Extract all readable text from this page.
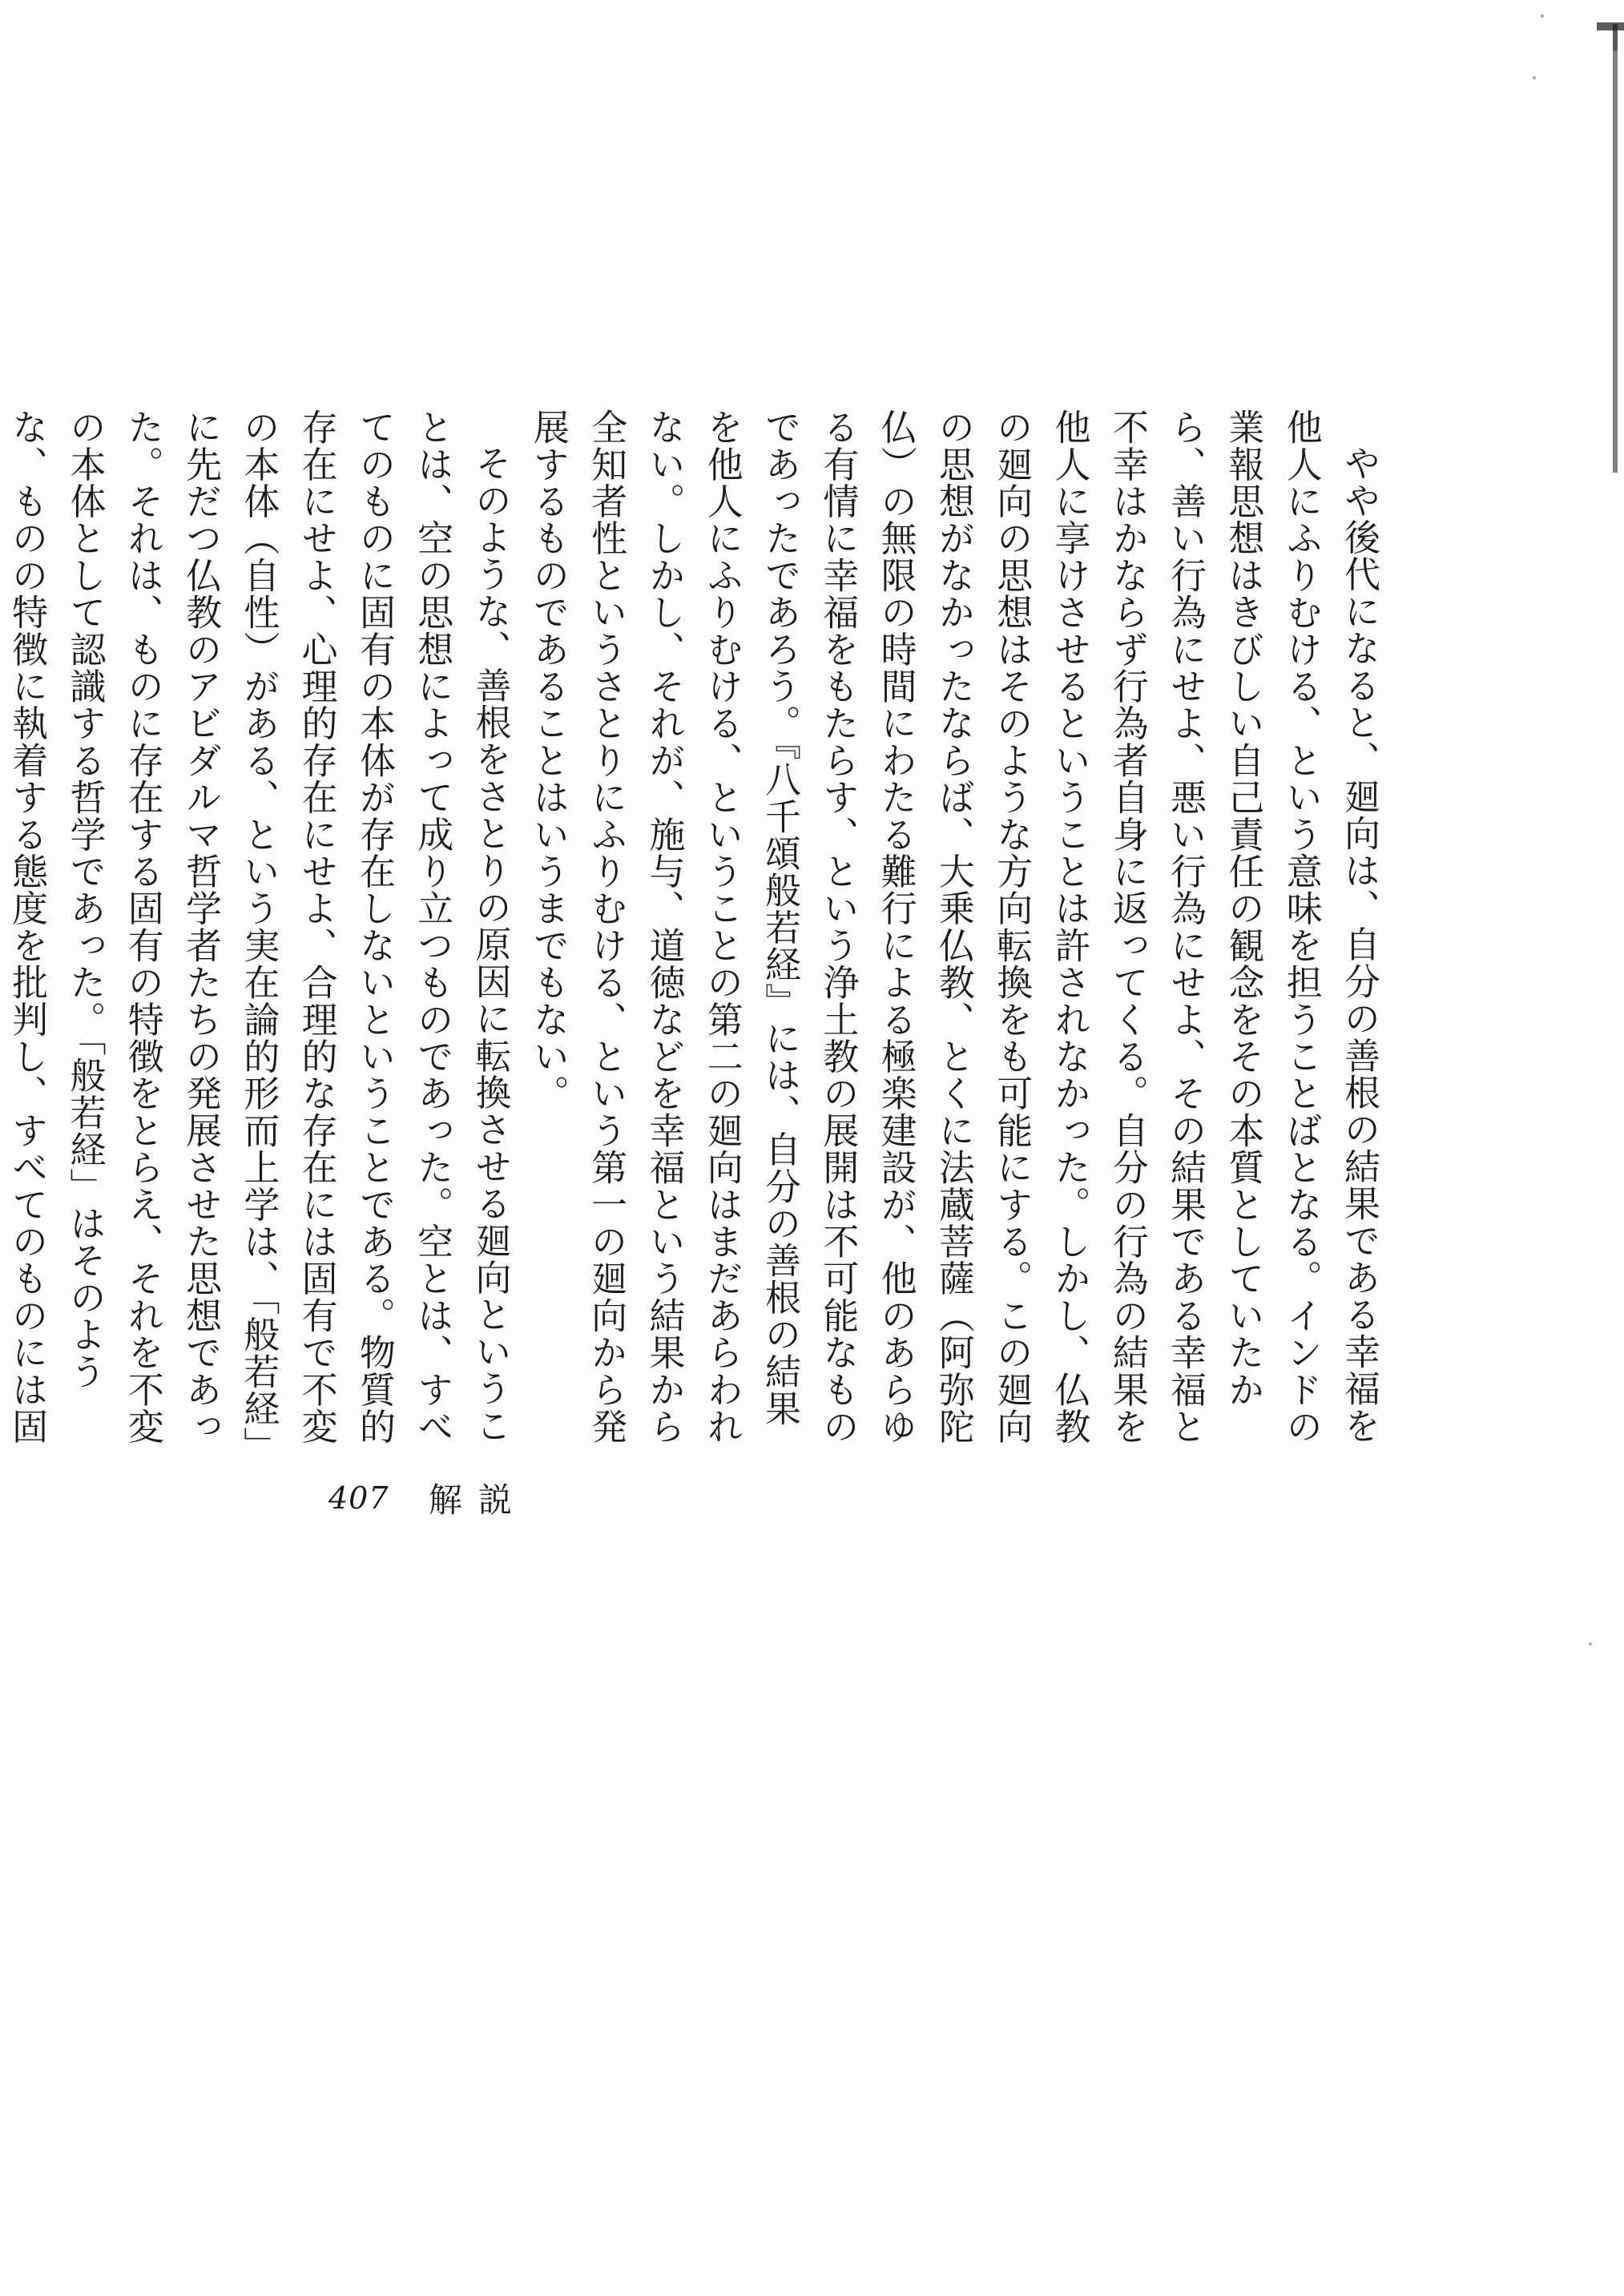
やや後代になると、廻向は、自分の善根の結果である幸福を他人にふりむける、という意味を担うことばとなる。インドの業報思想はきびしい自己責任の観念をその本質としていたから、善い行為にせよ、悪い行為にせよ、その結果である幸福と不幸はかならず行為者自身に返ってくる。自分の行為の結果を他人に享けさせるということは許されなかった。しかし、仏教の廻向の思想はそのような方向転換をも可能にする。この廻向の思想がなかったならば、大乗仏教、とくに法蔵菩薩（阿弥陀仏）の無限の時間にわたる難行による極楽建設が、他のあらゆる有情に幸福をもたらす、という浄土教の展開は不可能なものであったであろう。『八千頌般若経』には、自分の善根の結果を他人にふりむける、ということの第二の廻向はまだあらわれない。しかし、それが、施与、道徳などを幸福という結果から全知者性というさとりにふりむける、という第一の廻向から発展するものであることはいうまでもない。

そのような、善根をさとりの原因に転換させる廻向ということは、空の思想によって成り立つものであった。空とは、すべてのものに固有の本体が存在しないということである。物質的存在にせよ、心理的存在にせよ、合理的な存在には固有で不変の本体（自性）がある、という実在論的形而上学は、「般若経」に先だつ仏教のアビダルマ哲学者たちの発展させた思想であった。それは、ものに存在する固有の特徴をとらえ、それを不変の本体として認識する哲学であった。「般若経」はそのような、ものの特徴に執着する態度を批判し、すべてのものには固

407 解説
